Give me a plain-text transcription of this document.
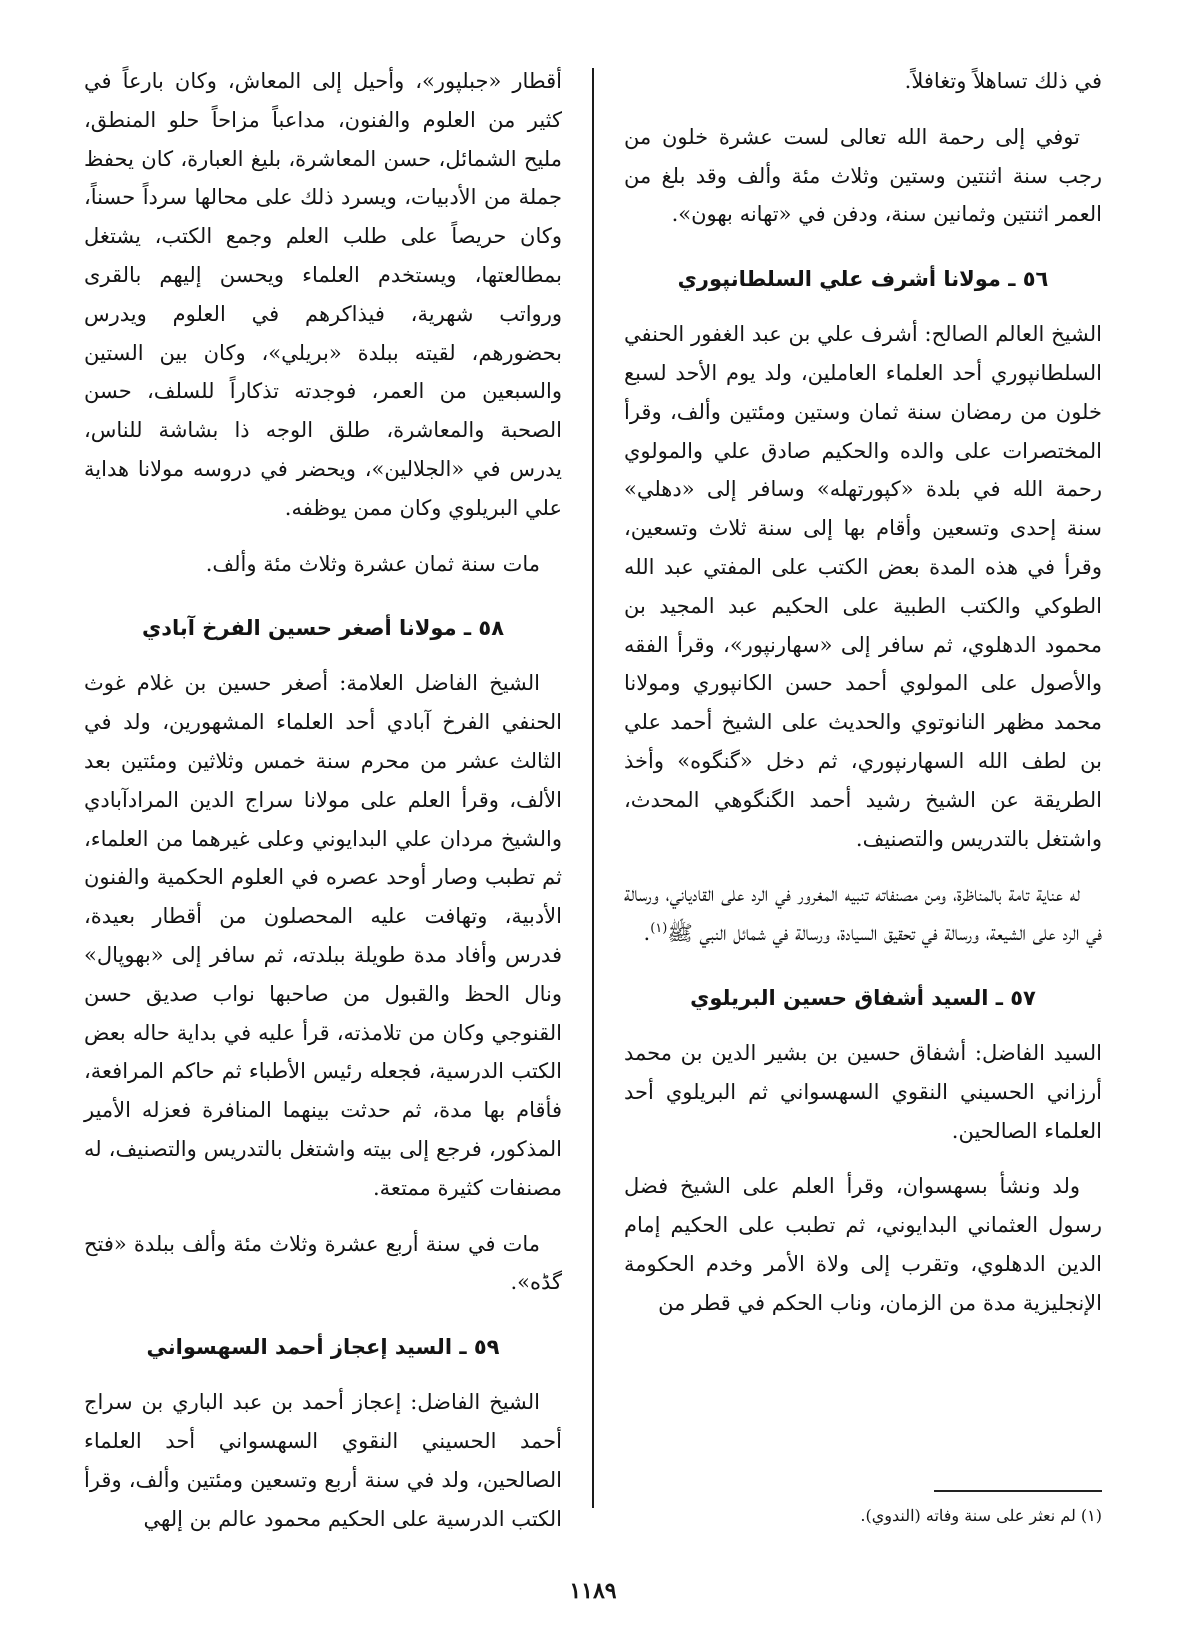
في ذلك تساهلاً وتغافلاً.

توفي إلى رحمة الله تعالى لست عشرة خلون من رجب سنة اثنتين وستين وثلاث مئة وألف وقد بلغ من العمر اثنتين وثمانين سنة، ودفن في «تهانه بهون».

٥٦ ـ مولانا أشرف علي السلطانپوري

الشيخ العالم الصالح: أشرف علي بن عبد الغفور الحنفي السلطانپوري أحد العلماء العاملين، ولد يوم الأحد لسبع خلون من رمضان سنة ثمان وستين ومئتين وألف، وقرأ المختصرات على والده والحكيم صادق علي والمولوي رحمة الله في بلدة «كپورتهله» وسافر إلى «دهلي» سنة إحدى وتسعين وأقام بها إلى سنة ثلاث وتسعين، وقرأ في هذه المدة بعض الكتب على المفتي عبد الله الطوكي والكتب الطبية على الحكيم عبد المجيد بن محمود الدهلوي، ثم سافر إلى «سهارنپور»، وقرأ الفقه والأصول على المولوي أحمد حسن الكانپوري ومولانا محمد مظهر النانوتوي والحديث على الشيخ أحمد علي بن لطف الله السهارنپوري، ثم دخل «گنگوه» وأخذ الطريقة عن الشيخ رشيد أحمد الگنگوهي المحدث، واشتغل بالتدريس والتصنيف.

له عناية تامة بالمناظرة، ومن مصنفاته تنبيه المغرور في الرد على القادياني، ورسالة في الرد على الشيعة، ورسالة في تحقيق السيادة، ورسالة في شمائل النبي ﷺ$^{(١)}$.

٥٧ ـ السيد أشفاق حسين البريلوي

السيد الفاضل: أشفاق حسين بن بشير الدين بن محمد أرزاني الحسيني النقوي السهسواني ثم البريلوي أحد العلماء الصالحين.

ولد ونشأ بسهسوان، وقرأ العلم على الشيخ فضل رسول العثماني البدايوني، ثم تطبب على الحكيم إمام الدين الدهلوي، وتقرب إلى ولاة الأمر وخدم الحكومة الإنجليزية مدة من الزمان، وناب الحكم في قطر من

أقطار «جبلپور»، وأحيل إلى المعاش، وكان بارعاً في كثير من العلوم والفنون، مداعباً مزاحاً حلو المنطق، مليح الشمائل، حسن المعاشرة، بليغ العبارة، كان يحفظ جملة من الأدبيات، ويسرد ذلك على محالها سرداً حسناً، وكان حريصاً على طلب العلم وجمع الكتب، يشتغل بمطالعتها، ويستخدم العلماء ويحسن إليهم بالقرى ورواتب شهرية، فيذاكرهم في العلوم ويدرس بحضورهم، لقيته ببلدة «بريلي»، وكان بين الستين والسبعين من العمر، فوجدته تذكاراً للسلف، حسن الصحبة والمعاشرة، طلق الوجه ذا بشاشة للناس، يدرس في «الجلالين»، ويحضر في دروسه مولانا هداية علي البريلوي وكان ممن يوظفه.

مات سنة ثمان عشرة وثلاث مئة وألف.

٥٨ ـ مولانا أصغر حسين الفرخ آبادي

الشيخ الفاضل العلامة: أصغر حسين بن غلام غوث الحنفي الفرخ آبادي أحد العلماء المشهورين، ولد في الثالث عشر من محرم سنة خمس وثلاثين ومئتين بعد الألف، وقرأ العلم على مولانا سراج الدين المرادآبادي والشيخ مردان علي البدايوني وعلى غيرهما من العلماء، ثم تطبب وصار أوحد عصره في العلوم الحكمية والفنون الأدبية، وتهافت عليه المحصلون من أقطار بعيدة، فدرس وأفاد مدة طويلة ببلدته، ثم سافر إلى «بهوپال» ونال الحظ والقبول من صاحبها نواب صديق حسن القنوجي وكان من تلامذته، قرأ عليه في بداية حاله بعض الكتب الدرسية، فجعله رئيس الأطباء ثم حاكم المرافعة، فأقام بها مدة، ثم حدثت بينهما المنافرة فعزله الأمير المذكور، فرجع إلى بيته واشتغل بالتدريس والتصنيف، له مصنفات كثيرة ممتعة.

مات في سنة أربع عشرة وثلاث مئة وألف ببلدة «فتح گڈه».

٥٩ ـ السيد إعجاز أحمد السهسواني

الشيخ الفاضل: إعجاز أحمد بن عبد الباري بن سراج أحمد الحسيني النقوي السهسواني أحد العلماء الصالحين، ولد في سنة أربع وتسعين ومئتين وألف، وقرأ الكتب الدرسية على الحكيم محمود عالم بن إلهي	(١) لم نعثر على سنة وفاته (الندوي).
١١٨٩
